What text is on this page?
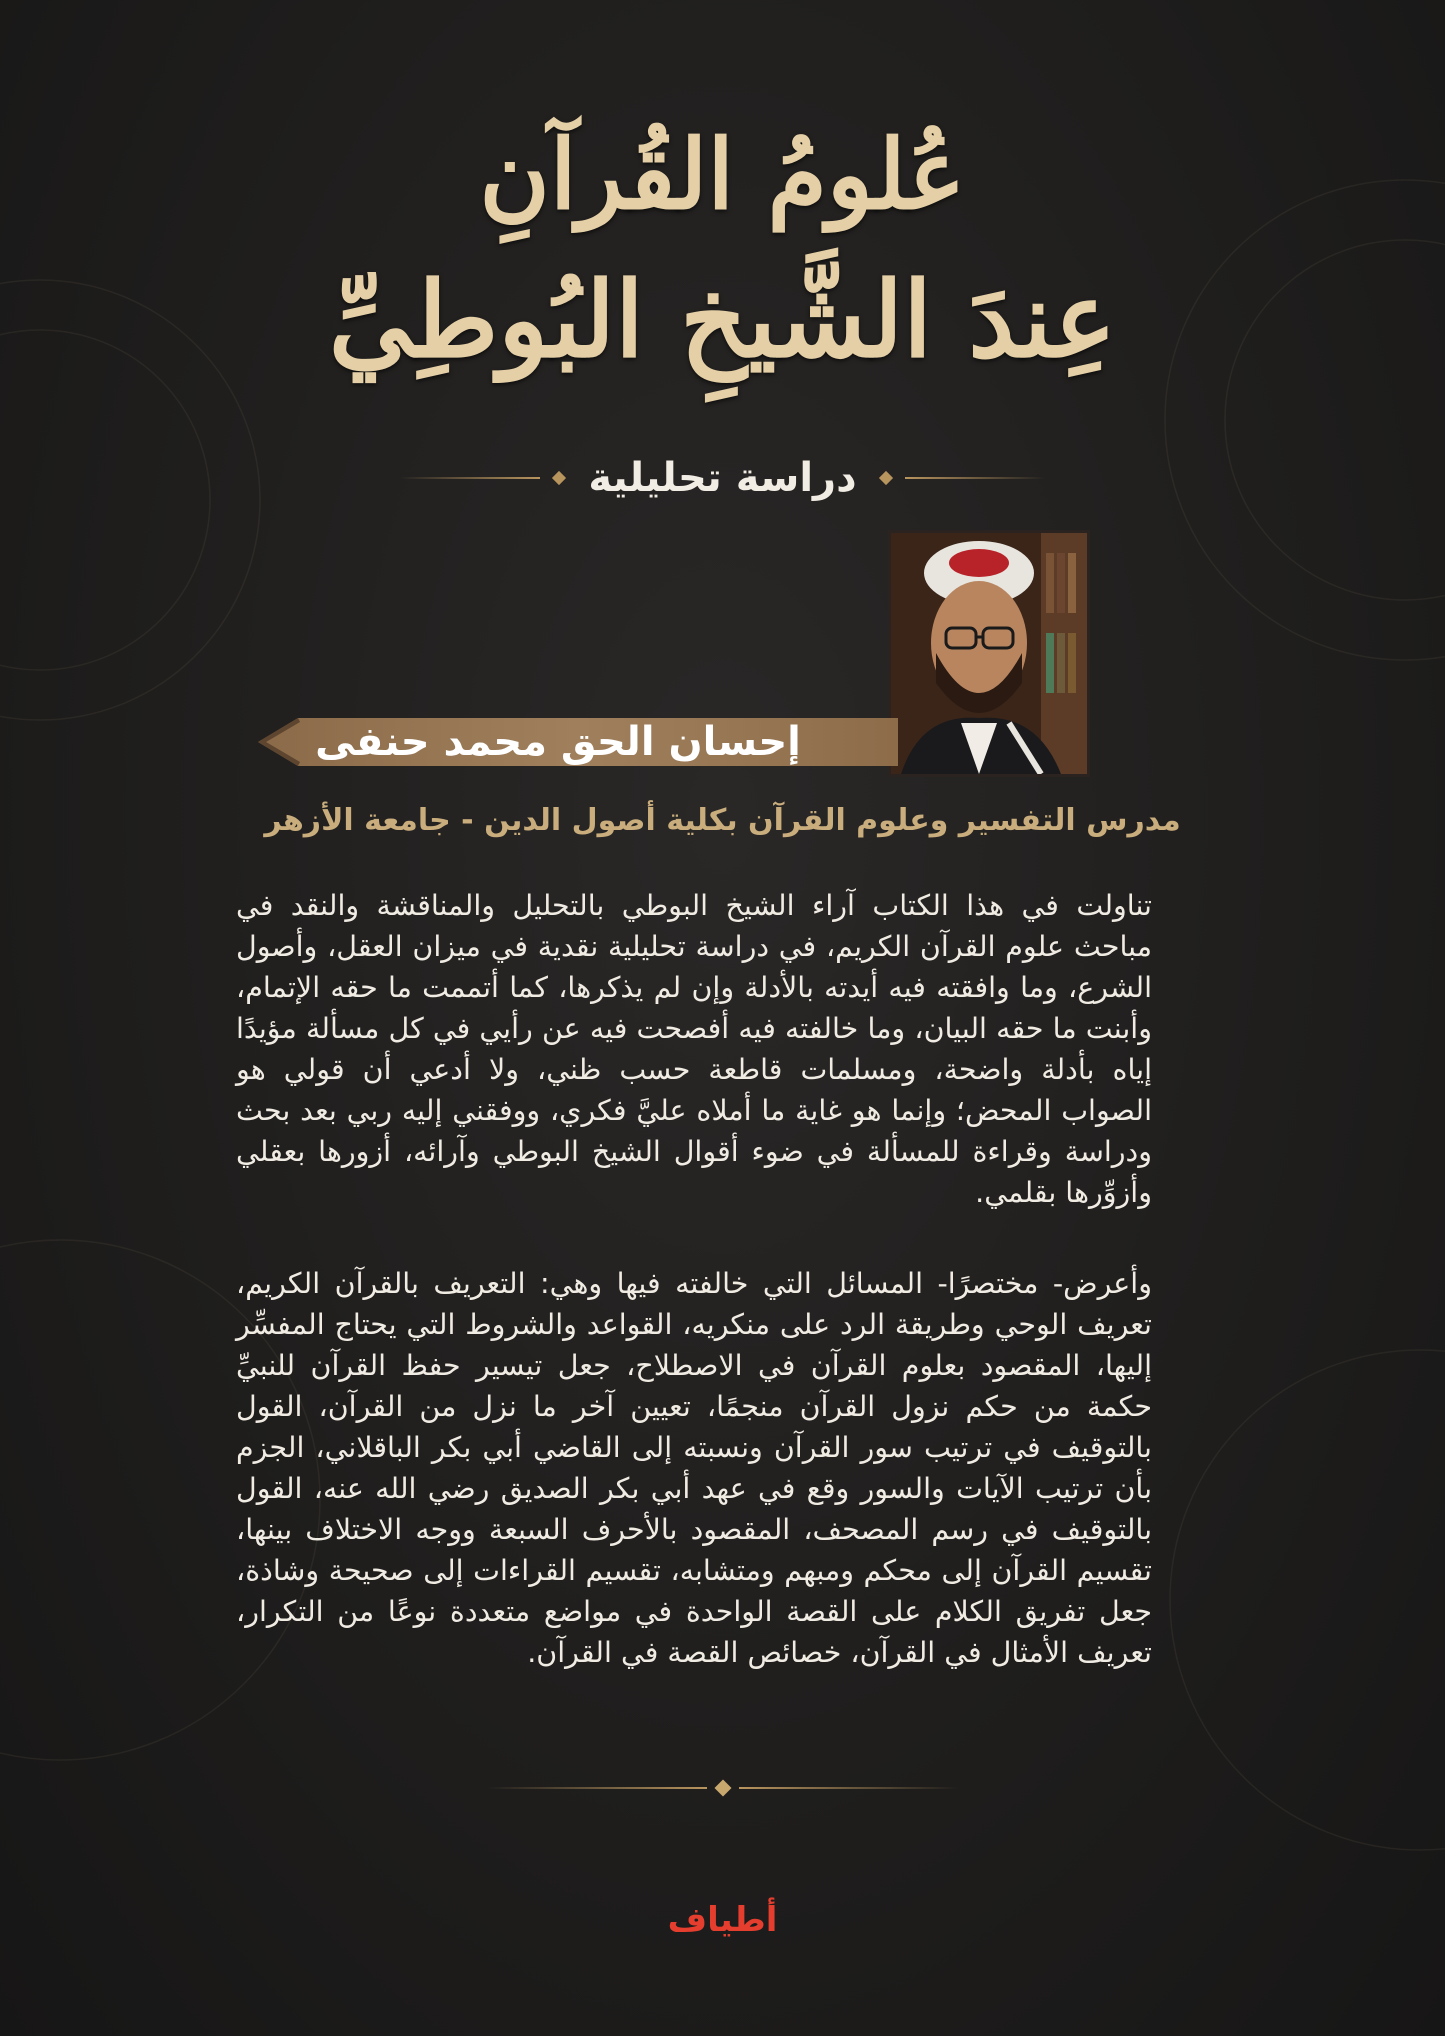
عُلومُ القُرآنِ
عِندَ الشَّيخِ البُوطِيِّ
دراسة تحليلية
إحسان الحق محمد حنفى
مدرس التفسير وعلوم القرآن بكلية أصول الدين - جامعة الأزهر
تناولت في هذا الكتاب آراء الشيخ البوطي بالتحليل والمناقشة والنقد في مباحث علوم القرآن الكريم، في دراسة تحليلية نقدية في ميزان العقل، وأصول الشرع، وما وافقته فيه أيدته بالأدلة وإن لم يذكرها، كما أتممت ما حقه الإتمام، وأبنت ما حقه البيان، وما خالفته فيه أفصحت فيه عن رأيي في كل مسألة مؤيدًا إياه بأدلة واضحة، ومسلمات قاطعة حسب ظني، ولا أدعي أن قولي هو الصواب المحض؛ وإنما هو غاية ما أملاه عليَّ فكري، ووفقني إليه ربي بعد بحث ودراسة وقراءة للمسألة في ضوء أقوال الشيخ البوطي وآرائه، أزورها بعقلي وأزوِّرها بقلمي.
وأعرض- مختصرًا- المسائل التي خالفته فيها وهي: التعريف بالقرآن الكريم، تعريف الوحي وطريقة الرد على منكريه، القواعد والشروط التي يحتاج المفسِّر إليها، المقصود بعلوم القرآن في الاصطلاح، جعل تيسير حفظ القرآن للنبيِّ حكمة من حكم نزول القرآن منجمًا، تعيين آخر ما نزل من القرآن، القول بالتوقيف في ترتيب سور القرآن ونسبته إلى القاضي أبي بكر الباقلاني، الجزم بأن ترتيب الآيات والسور وقع في عهد أبي بكر الصديق رضي الله عنه، القول بالتوقيف في رسم المصحف، المقصود بالأحرف السبعة ووجه الاختلاف بينها، تقسيم القرآن إلى محكم ومبهم ومتشابه، تقسيم القراءات إلى صحيحة وشاذة، جعل تفريق الكلام على القصة الواحدة في مواضع متعددة نوعًا من التكرار، تعريف الأمثال في القرآن، خصائص القصة في القرآن.
أطياف
